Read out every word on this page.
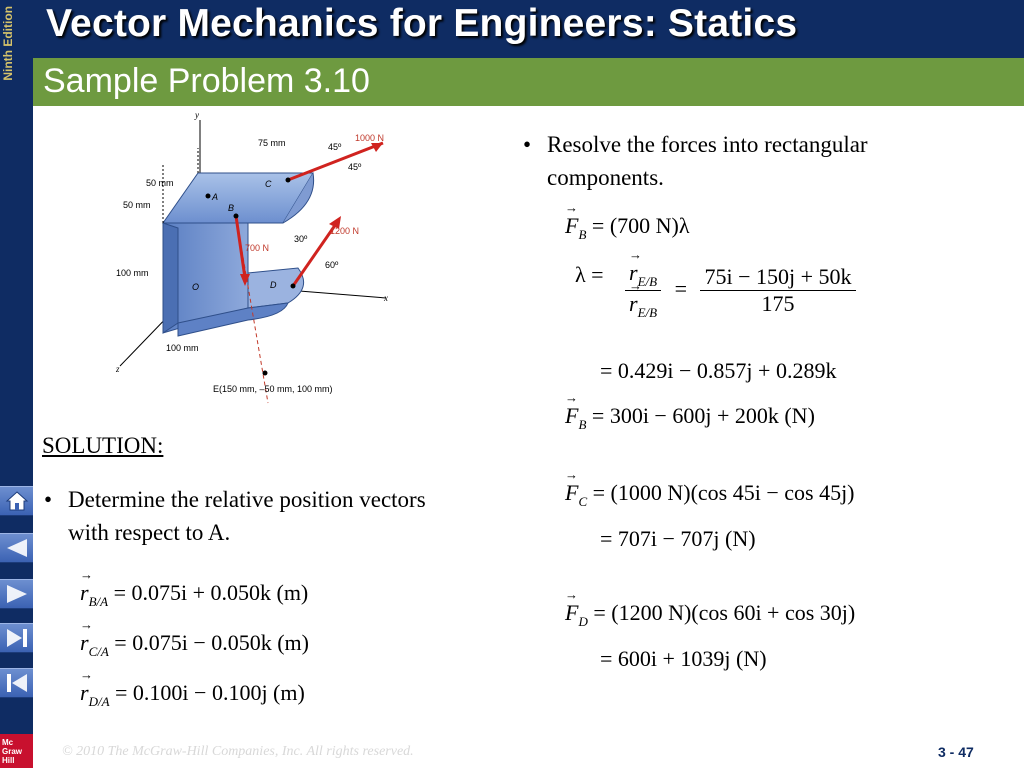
Ninth Edition
Mc
Graw
Hill
Vector Mechanics for Engineers: Statics
Sample Problem 3.10
y
x
z
75 mm	1000 N
45º
45º
50 mm
50 mm
A
B
C
700 N
30º
1200 N
60º
100 mm
O	D
100 mm
E(150 mm, –50 mm, 100 mm)
• Resolve the forces into rectangular components.
→ $F_B = (700$ N)λ
λ =
→ $r_{E/B}$
→ $r_{E/B} = \frac{75i - 150j + 50k}{175}$
= 0.429i − 0.857j + 0.289k
→ $F_B = 300i - 600j + 200k$ (N)
→ $F_C = (1000$ N)(cos 45i − cos 45j)
= 707i − 707j (N)
→ $F_D = (1200$ N)(cos 60i + cos 30j)
= 600i + 1039j (N)
SOLUTION:
• Determine the relative position vectors with respect to A.
→ $r_{B/A} = 0.075i + 0.050k$ (m)
→ $r_{C/A} = 0.075i - 0.050k$ (m)
→ $r_{D/A} = 0.100i - 0.100j$ (m)
© 2010 The McGraw-Hill Companies, Inc. All rights reserved.	3 - 47
